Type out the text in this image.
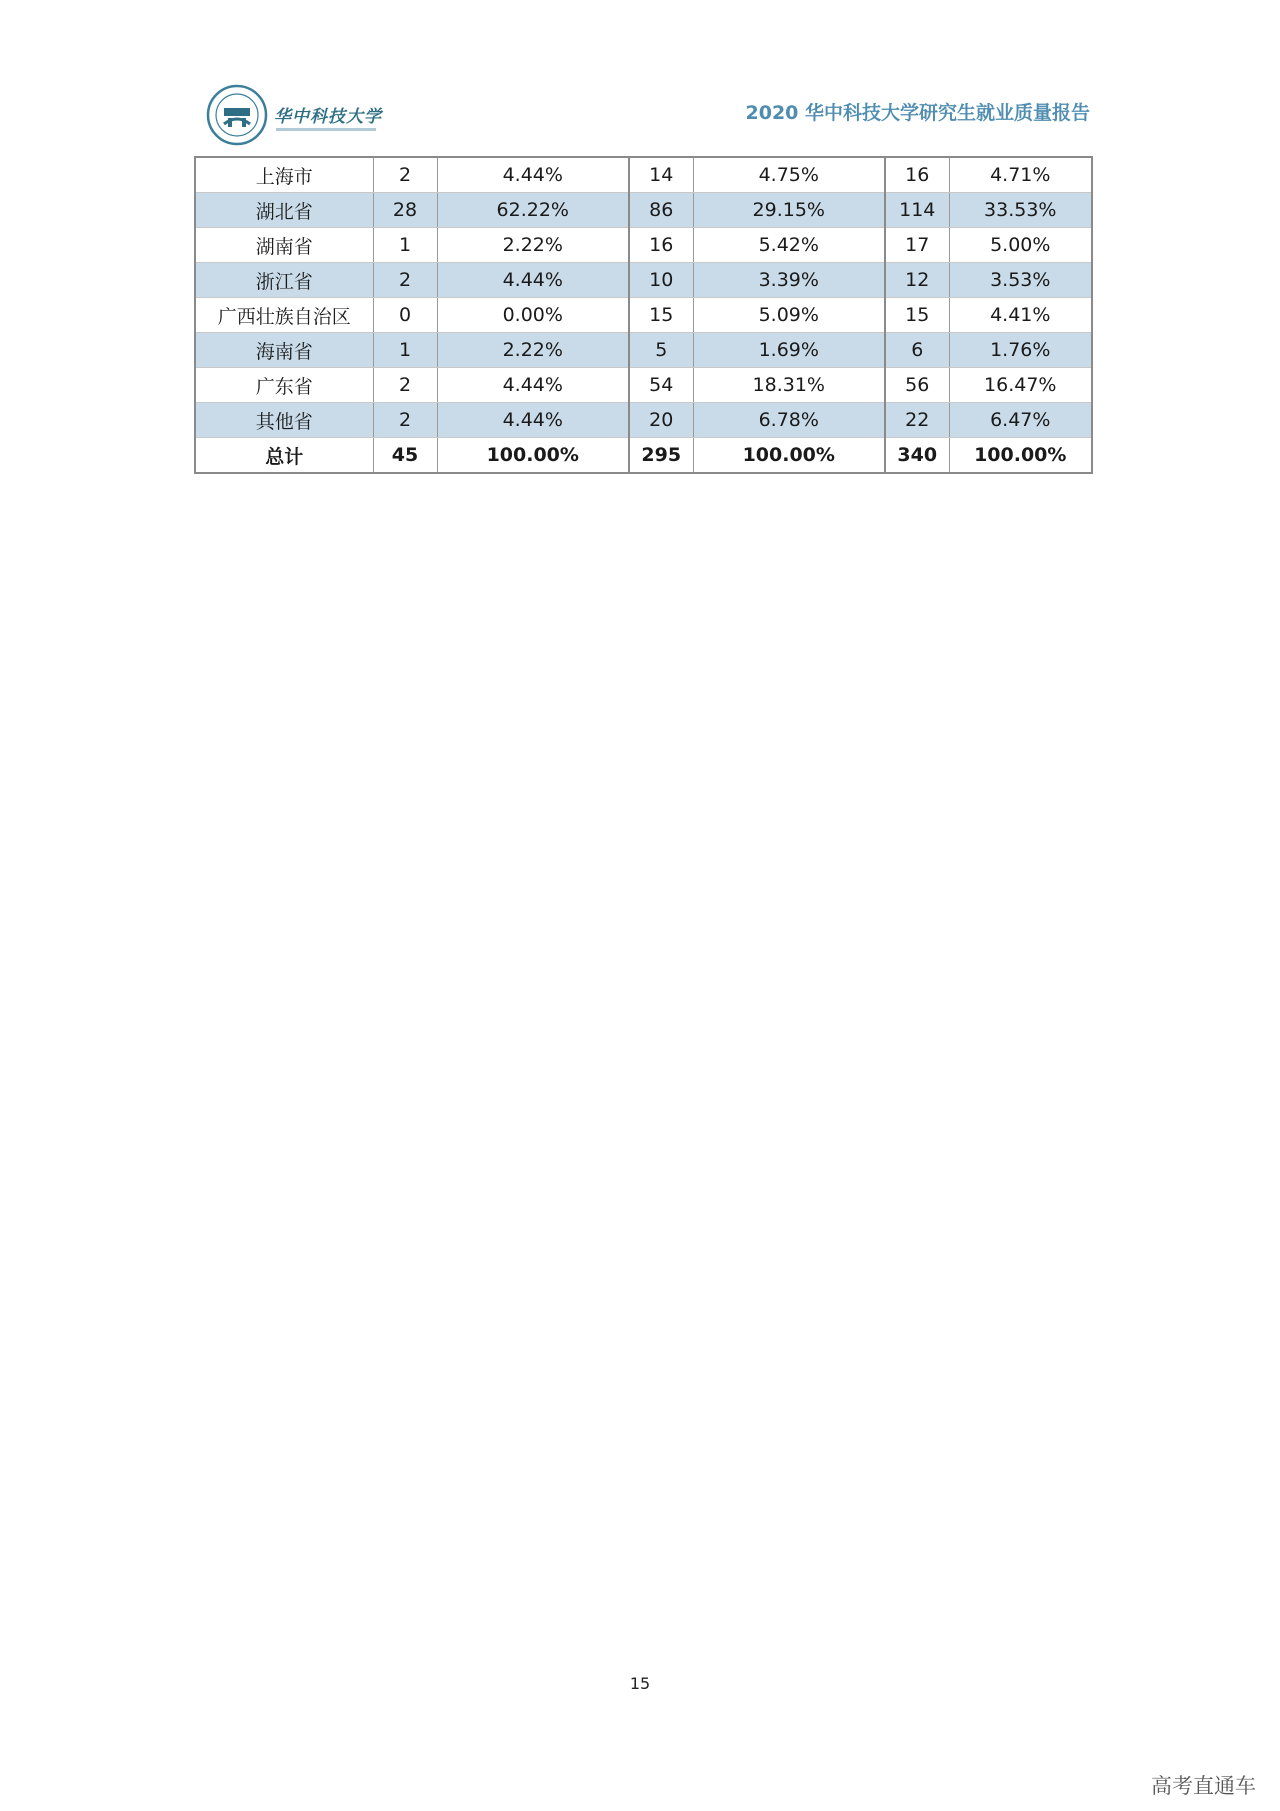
华中科技大学	2020 华中科技大学研究生就业质量报告
上海市	2	4.44%	14	4.75%	16	4.71%
湖北省	28	62.22%	86	29.15%	114	33.53%
湖南省	1	2.22%	16	5.42%	17	5.00%
浙江省	2	4.44%	10	3.39%	12	3.53%
广西壮族自治区	0	0.00%	15	5.09%	15	4.41%
海南省	1	2.22%	5	1.69%	6	1.76%
广东省	2	4.44%	54	18.31%	56	16.47%
其他省	2	4.44%	20	6.78%	22	6.47%
总计	45	100.00%	295	100.00%	340	100.00%
15
高考直通车
